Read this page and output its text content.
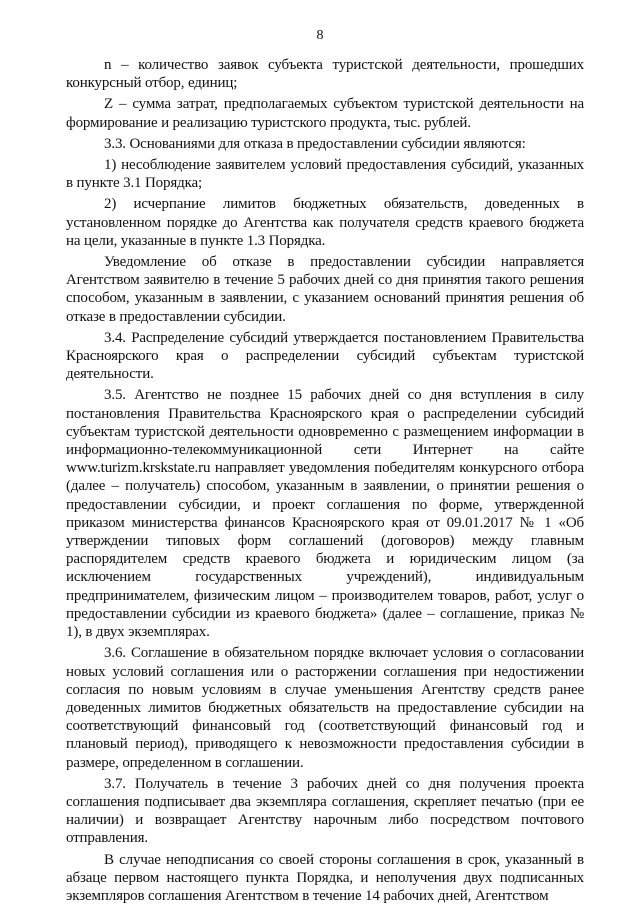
8

n – количество заявок субъекта туристской деятельности, прошедших конкурсный отбор, единиц;

Z – сумма затрат, предполагаемых субъектом туристской деятельности на формирование и реализацию туристского продукта, тыс. рублей.

3.3. Основаниями для отказа в предоставлении субсидии являются:

1) несоблюдение заявителем условий предоставления субсидий, указанных в пункте 3.1 Порядка;

2) исчерпание лимитов бюджетных обязательств, доведенных в установленном порядке до Агентства как получателя средств краевого бюджета на цели, указанные в пункте 1.3 Порядка.

Уведомление об отказе в предоставлении субсидии направляется Агентством заявителю в течение 5 рабочих дней со дня принятия такого решения способом, указанным в заявлении, с указанием оснований принятия решения об отказе в предоставлении субсидии.

3.4. Распределение субсидий утверждается постановлением Правительства Красноярского края о распределении субсидий субъектам туристской деятельности.

3.5. Агентство не позднее 15 рабочих дней со дня вступления в силу постановления Правительства Красноярского края о распределении субсидий субъектам туристской деятельности одновременно с размещением информации в информационно-телекоммуникационной сети Интернет на сайте www.turizm.krskstate.ru направляет уведомления победителям конкурсного отбора (далее – получатель) способом, указанным в заявлении, о принятии решения о предоставлении субсидии, и проект соглашения по форме, утвержденной приказом министерства финансов Красноярского края от 09.01.2017 № 1 «Об утверждении типовых форм соглашений (договоров) между главным распорядителем средств краевого бюджета и юридическим лицом (за исключением государственных учреждений), индивидуальным предпринимателем, физическим лицом – производителем товаров, работ, услуг о предоставлении субсидии из краевого бюджета» (далее – соглашение, приказ № 1), в двух экземплярах.

3.6. Соглашение в обязательном порядке включает условия о согласовании новых условий соглашения или о расторжении соглашения при недостижении согласия по новым условиям в случае уменьшения Агентству средств ранее доведенных лимитов бюджетных обязательств на предоставление субсидии на соответствующий финансовый год (соответствующий финансовый год и плановый период), приводящего к невозможности предоставления субсидии в размере, определенном в соглашении.

3.7. Получатель в течение 3 рабочих дней со дня получения проекта соглашения подписывает два экземпляра соглашения, скрепляет печатью (при ее наличии) и возвращает Агентству нарочным либо посредством почтового отправления.

В случае неподписания со своей стороны соглашения в срок, указанный в абзаце первом настоящего пункта Порядка, и неполучения двух подписанных экземпляров соглашения Агентством в течение 14 рабочих дней, Агентством
